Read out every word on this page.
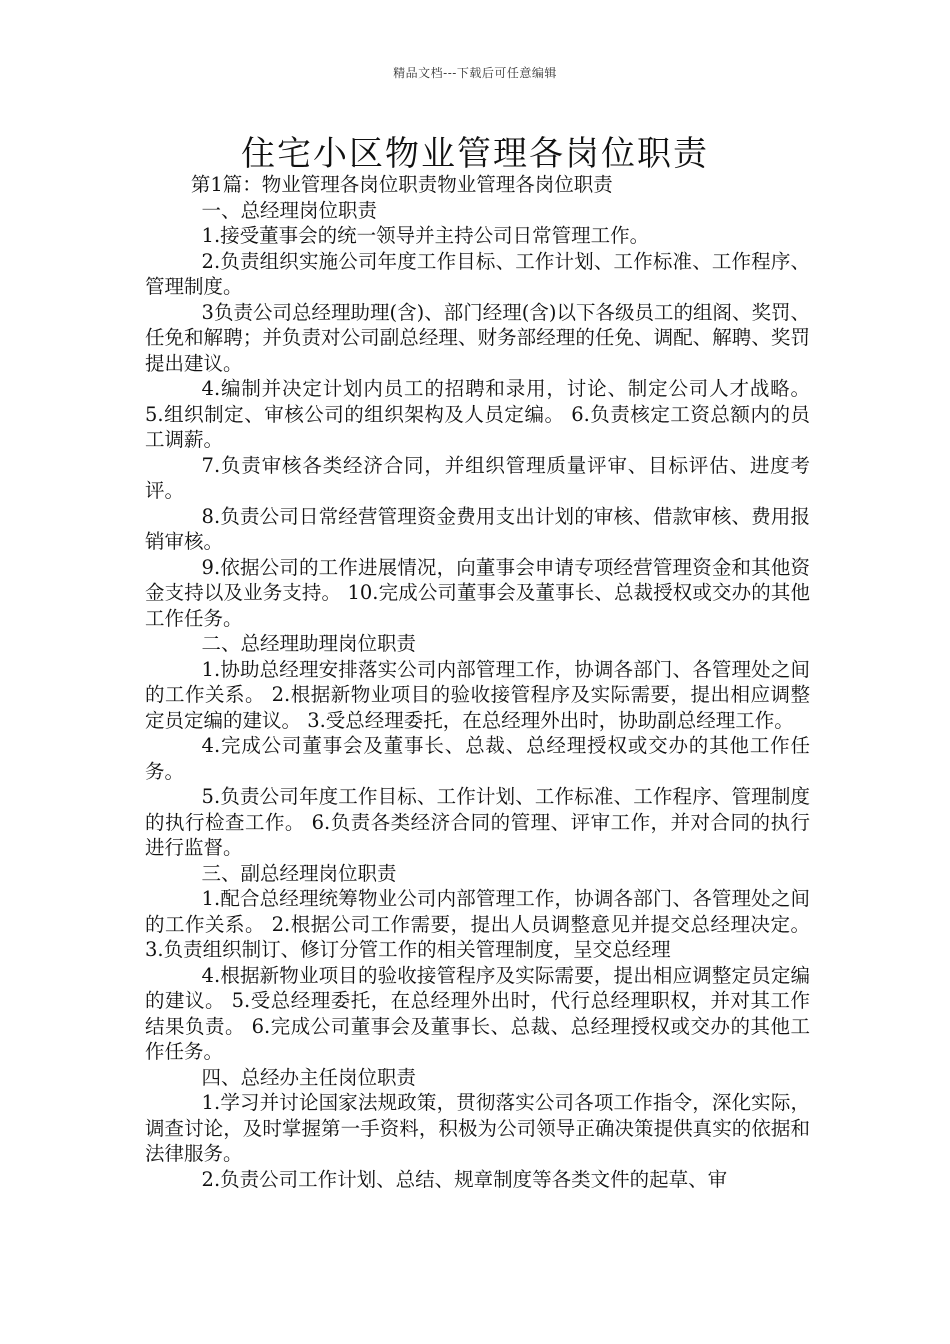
精品文档---下载后可任意编辑
住宅小区物业管理各岗位职责

第1篇：物业管理各岗位职责物业管理各岗位职责

一、总经理岗位职责

1.接受董事会的统一领导并主持公司日常管理工作。

2.负责组织实施公司年度工作目标、工作计划、工作标准、工作程序、管理制度。

3负责公司总经理助理(含)、部门经理(含)以下各级员工的组阁、奖罚、任免和解聘；并负责对公司副总经理、财务部经理的任免、调配、解聘、奖罚提出建议。

4.编制并决定计划内员工的招聘和录用，讨论、制定公司人才战略。 5.组织制定、审核公司的组织架构及人员定编。 6.负责核定工资总额内的员工调薪。

7.负责审核各类经济合同，并组织管理质量评审、目标评估、进度考评。

8.负责公司日常经营管理资金费用支出计划的审核、借款审核、费用报销审核。

9.依据公司的工作进展情况，向董事会申请专项经营管理资金和其他资金支持以及业务支持。 10.完成公司董事会及董事长、总裁授权或交办的其他工作任务。

二、总经理助理岗位职责

1.协助总经理安排落实公司内部管理工作，协调各部门、各管理处之间的工作关系。 2.根据新物业项目的验收接管程序及实际需要，提出相应调整定员定编的建议。 3.受总经理委托，在总经理外出时，协助副总经理工作。

4.完成公司董事会及董事长、总裁、总经理授权或交办的其他工作任务。

5.负责公司年度工作目标、工作计划、工作标准、工作程序、管理制度的执行检查工作。 6.负责各类经济合同的管理、评审工作，并对合同的执行进行监督。

三、副总经理岗位职责

1.配合总经理统筹物业公司内部管理工作，协调各部门、各管理处之间的工作关系。 2.根据公司工作需要，提出人员调整意见并提交总经理决定。 3.负责组织制订、修订分管工作的相关管理制度，呈交总经理

4.根据新物业项目的验收接管程序及实际需要，提出相应调整定员定编的建议。 5.受总经理委托，在总经理外出时，代行总经理职权，并对其工作结果负责。 6.完成公司董事会及董事长、总裁、总经理授权或交办的其他工作任务。

四、总经办主任岗位职责

1.学习并讨论国家法规政策，贯彻落实公司各项工作指令，深化实际，调查讨论，及时掌握第一手资料，积极为公司领导正确决策提供真实的依据和法律服务。

2.负责公司工作计划、总结、规章制度等各类文件的起草、审
